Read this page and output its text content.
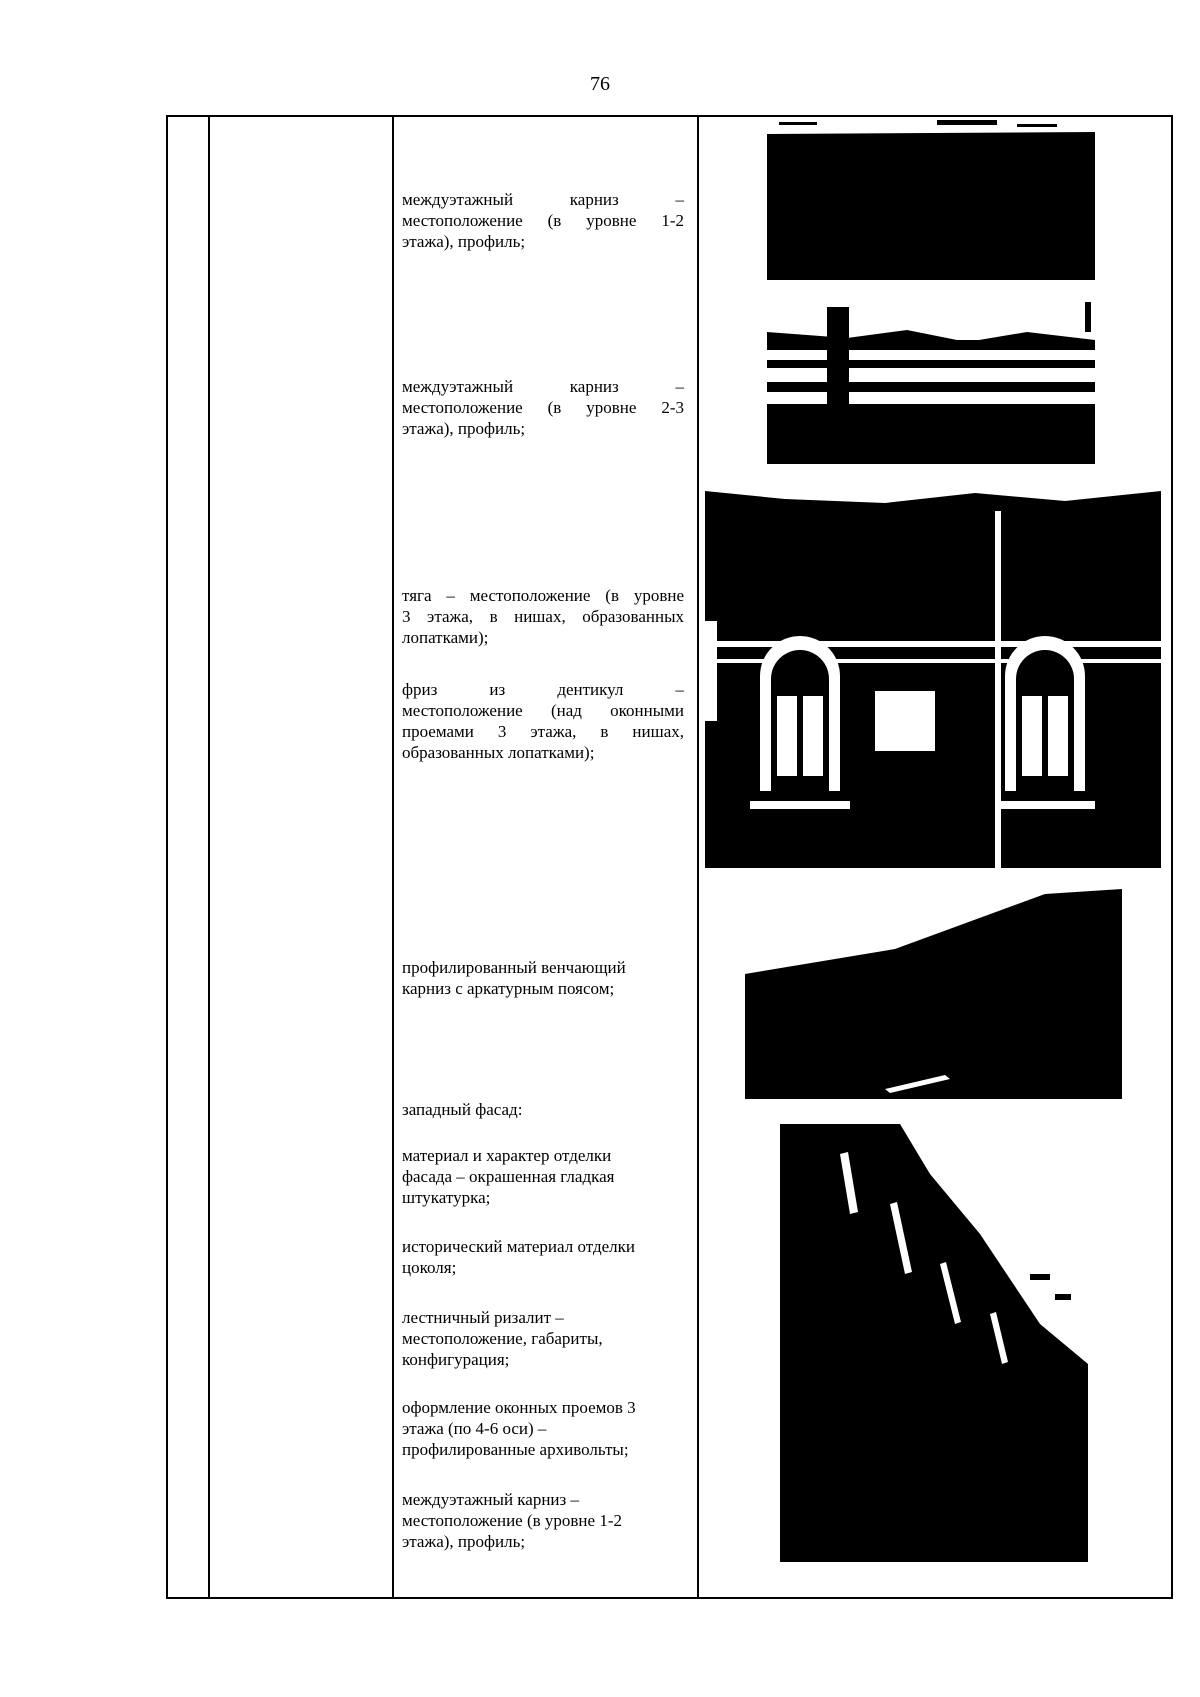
76

междуэтажный карниз –

местоположение (в уровне 1-2

этажа), профиль;

междуэтажный карниз –

местоположение (в уровне 2-3

этажа), профиль;

тяга – местоположение (в уровне

3 этажа, в нишах, образованных

лопатками);

фриз из дентикул –

местоположение (над оконными

проемами 3 этажа, в нишах,

образованных лопатками);

профилированный венчающий

карниз с аркатурным поясом;

западный фасад:

материал и характер отделки

фасада – окрашенная гладкая

штукатурка;

исторический материал отделки

цоколя;

лестничный ризалит –

местоположение, габариты,

конфигурация;

оформление оконных проемов 3

этажа (по 4-6 оси) –

профилированные архивольты;

междуэтажный карниз –

местоположение (в уровне 1-2

этажа), профиль;
